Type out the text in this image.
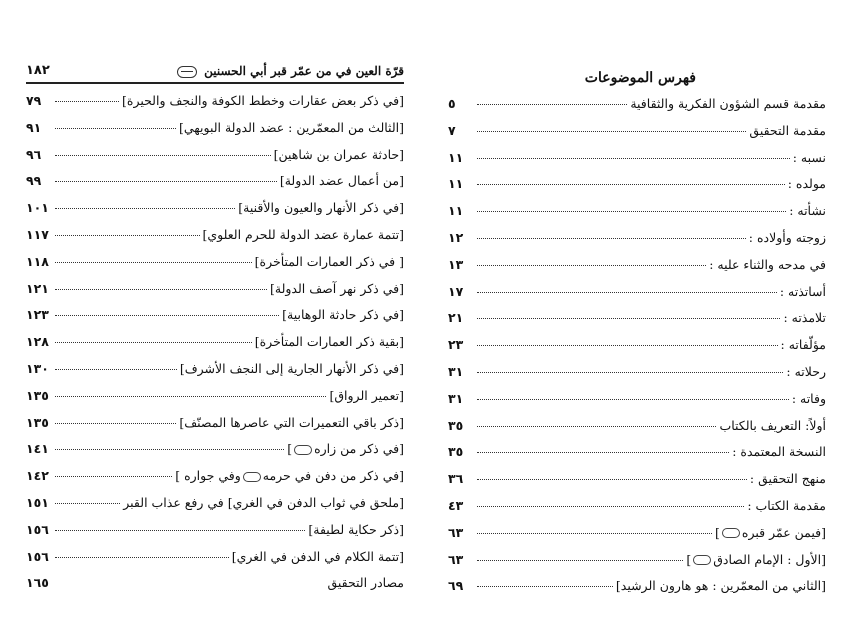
قرّة العين في من عمّر قبر أبي الحسنين
١٨٢
[في ذكر بعض عقارات وخطط الكوفة والنجف والحيرة]
٧٩
[الثالث من المعمّرين : عضد الدولة البويهي]
٩١
[حادثة عمران بن شاهين]
٩٦
[من أعمال عضد الدولة]
٩٩
[في ذكر الأنهار والعيون والأقنية]
١٠١
[تتمة عمارة عضد الدولة للحرم العلوي]
١١٧
[ في ذكر العمارات المتأخرة]
١١٨
[في ذكر نهر آصف الدولة]
١٢١
[في ذكر حادثة الوهابية]
١٢٣
[بقية ذكر العمارات المتأخرة]
١٢٨
[في ذكر الأنهار الجارية إلى النجف الأشرف]
١٣٠
[تعمير الرواق]
١٣٥
[ذكر باقي التعميرات التي عاصرها المصنّف]
١٣٥
[في ذكر من زاره]
١٤١
[في ذكر من دفن في حرمهوفي جواره ]
١٤٢
[ملحق في ثواب الدفن في الغري] في رفع عذاب القبر
١٥١
[ذكر حكاية لطيفة]
١٥٦
[تتمة الكلام في الدفن في الغري]
١٥٦
مصادر التحقيق
١٦٥
فهرس الموضوعات
مقدمة قسم الشؤون الفكرية والثقافية
٥
مقدمة التحقيق
٧
نسبه :
١١
مولده :
١١
نشأته :
١١
زوجته وأولاده :
١٢
في مدحه والثناء عليه :
١٣
أساتذته :
١٧
تلامذته :
٢١
مؤلّفاته :
٢٣
رحلاته :
٣١
وفاته :
٣١
أولاً: التعريف بالكتاب
٣٥
النسخة المعتمدة :
٣٥
منهج التحقيق :
٣٦
مقدمة الكتاب :
٤٣
[فيمن عمّر قبره]
٦٣
[الأول : الإمام الصادق]
٦٣
[الثاني من المعمّرين : هو هارون الرشيد]
٦٩
